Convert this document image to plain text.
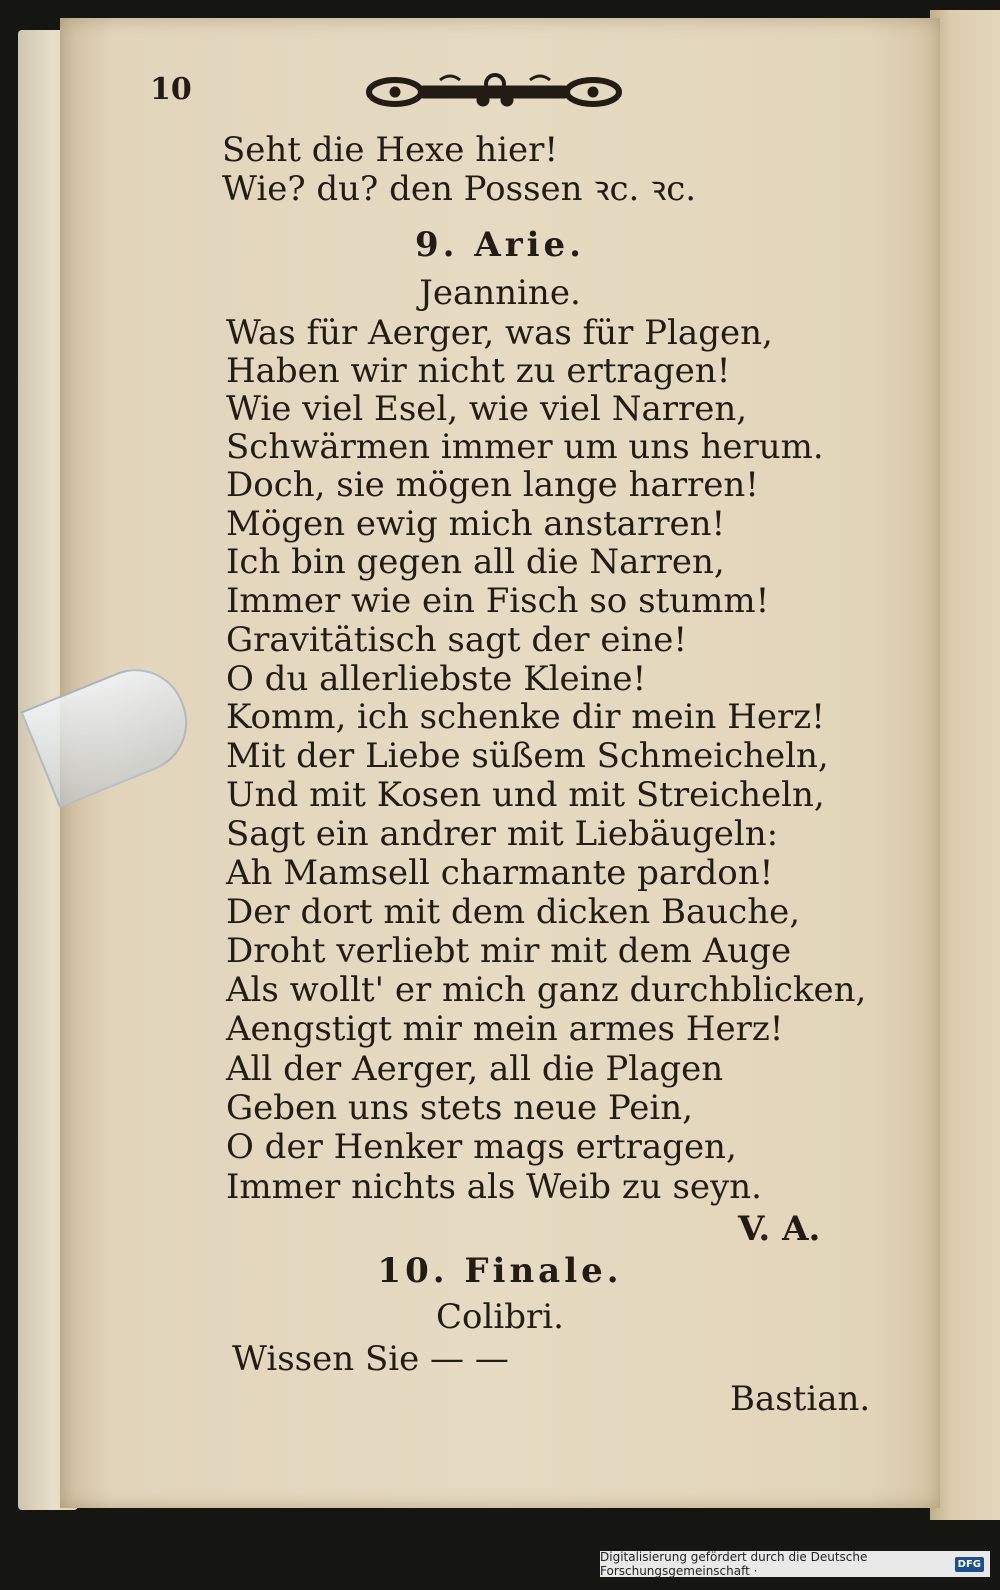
10
Seht die Hexe hier!
Wie? du? den Possen ꝛc. ꝛc.
9. Arie.
Jeannine.
Was für Aerger, was für Plagen,
Haben wir nicht zu ertragen!
Wie viel Esel, wie viel Narren,
Schwärmen immer um uns herum.
Doch, sie mögen lange harren!
Mögen ewig mich anstarren!
Ich bin gegen all die Narren,
Immer wie ein Fisch so stumm!
Gravitätisch sagt der eine!
O du allerliebste Kleine!
Komm, ich schenke dir mein Herz!
Mit der Liebe süßem Schmeicheln,
Und mit Kosen und mit Streicheln,
Sagt ein andrer mit Liebäugeln:
Ah Mamsell charmante pardon!
Der dort mit dem dicken Bauche,
Droht verliebt mir mit dem Auge
Als wollt' er mich ganz durchblicken,
Aengstigt mir mein armes Herz!
All der Aerger, all die Plagen
Geben uns stets neue Pein,
O der Henker mags ertragen,
Immer nichts als Weib zu seyn.
V. A.
10. Finale.
Colibri.
Wissen Sie — —
Bastian.
Digitalisierung gefördert durch die Deutsche Forschungsgemeinschaft ·	DFG
